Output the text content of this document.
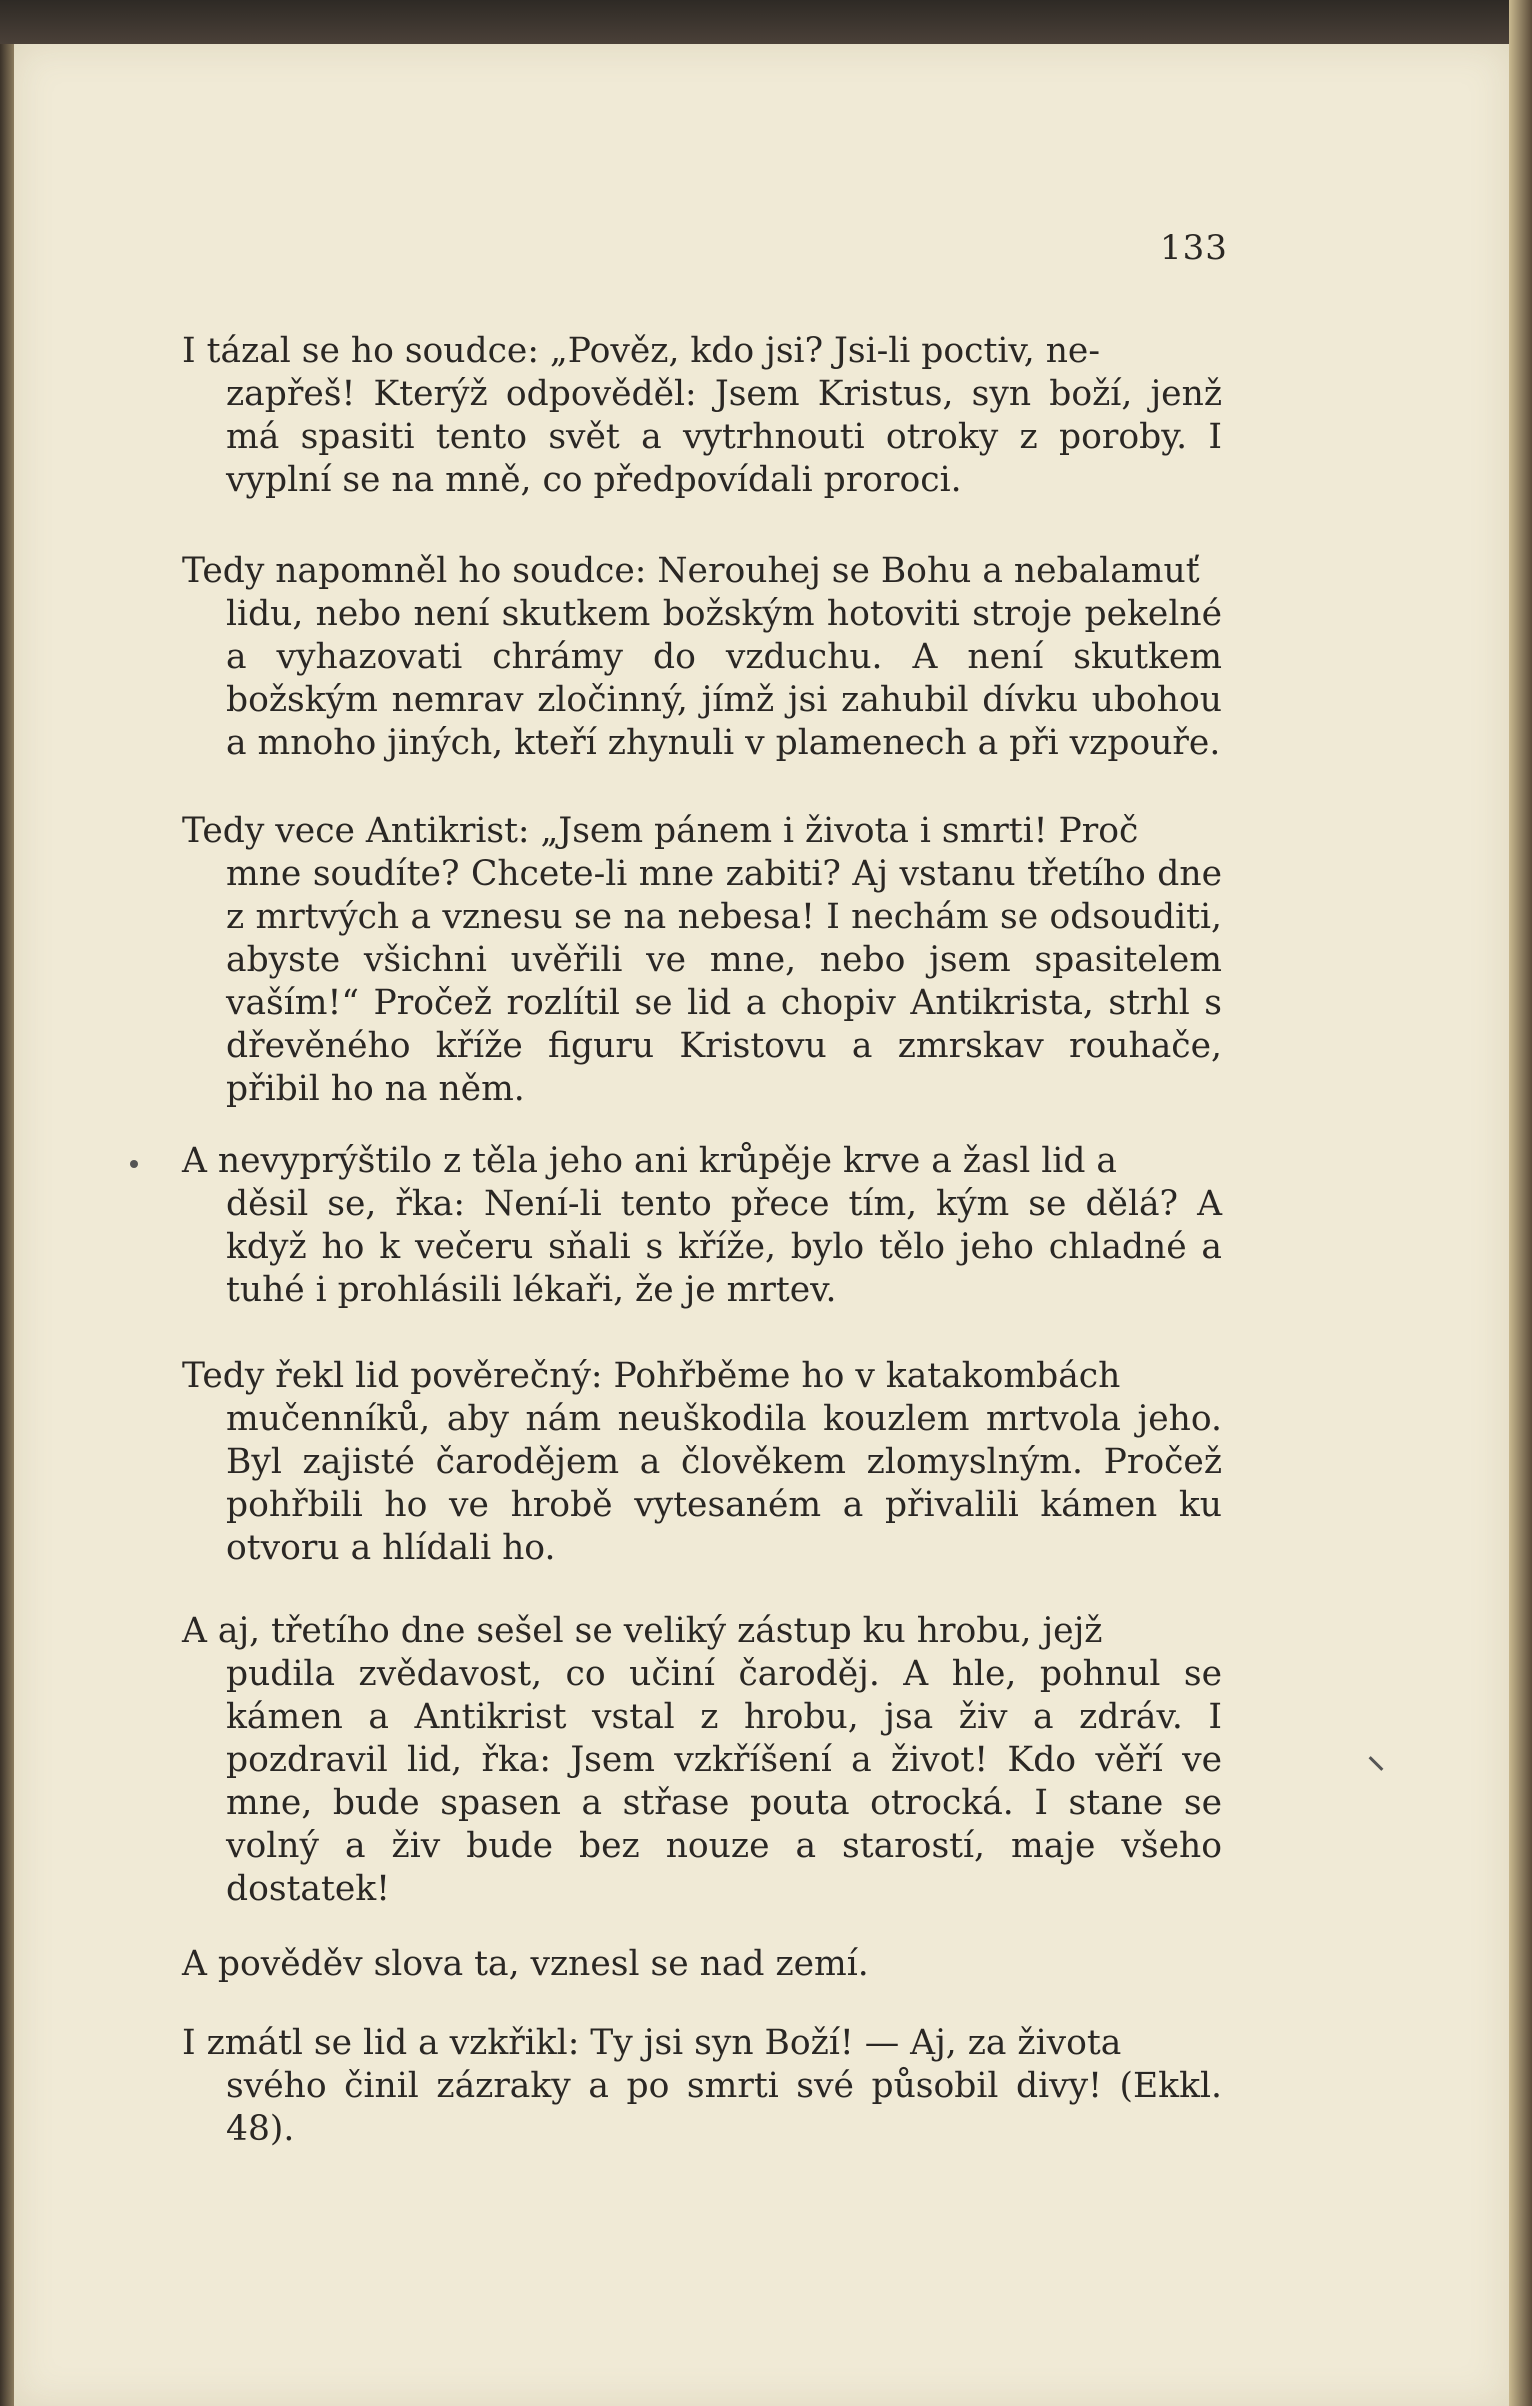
133

I tázal se ho soudce: „Pověz, kdo jsi? Jsi-li poctiv, ne-
zapřeš! Kterýž odpověděl: Jsem Kristus, syn boží, jenž má spasiti tento svět a vytrhnouti otroky z poroby. I vyplní se na mně, co předpovídali proroci.

Tedy napomněl ho soudce: Nerouhej se Bohu a nebalamuť
lidu, nebo není skutkem božským hotoviti stroje pekelné a vyhazovati chrámy do vzduchu. A není skutkem božským nemrav zločinný, jímž jsi zahubil dívku ubohou a mnoho jiných, kteří zhynuli v plamenech a při vzpouře.

Tedy vece Antikrist: „Jsem pánem i života i smrti! Proč
mne soudíte? Chcete-li mne zabiti? Aj vstanu třetího dne z mrtvých a vznesu se na nebesa! I nechám se odsouditi, abyste všichni uvěřili ve mne, nebo jsem spasitelem vaším!“ Pročež rozlítil se lid a chopiv Antikrista, strhl s dřevěného kříže figuru Kristovu a zmrskav rouhače, přibil ho na něm.

A nevyprýštilo z těla jeho ani krůpěje krve a žasl lid a
děsil se, řka: Není-li tento přece tím, kým se dělá? A když ho k večeru sňali s kříže, bylo tělo jeho chladné a tuhé i prohlásili lékaři, že je mrtev.

Tedy řekl lid pověrečný: Pohřběme ho v katakombách
mučenníků, aby nám neuškodila kouzlem mrtvola jeho. Byl zajisté čarodějem a člověkem zlomyslným. Pročež pohřbili ho ve hrobě vytesaném a přivalili kámen ku otvoru a hlídali ho.

A aj, třetího dne sešel se veliký zástup ku hrobu, jejž
pudila zvědavost, co učiní čaroděj. A hle, pohnul se kámen a Antikrist vstal z hrobu, jsa živ a zdráv. I pozdravil lid, řka: Jsem vzkříšení a život! Kdo věří ve mne, bude spasen a střase pouta otrocká. I stane se volný a živ bude bez nouze a starostí, maje všeho dostatek!

A pověděv slova ta, vznesl se nad zemí.

I zmátl se lid a vzkřikl: Ty jsi syn Boží! — Aj, za života
svého činil zázraky a po smrti své působil divy! (Ekkl. 48).
